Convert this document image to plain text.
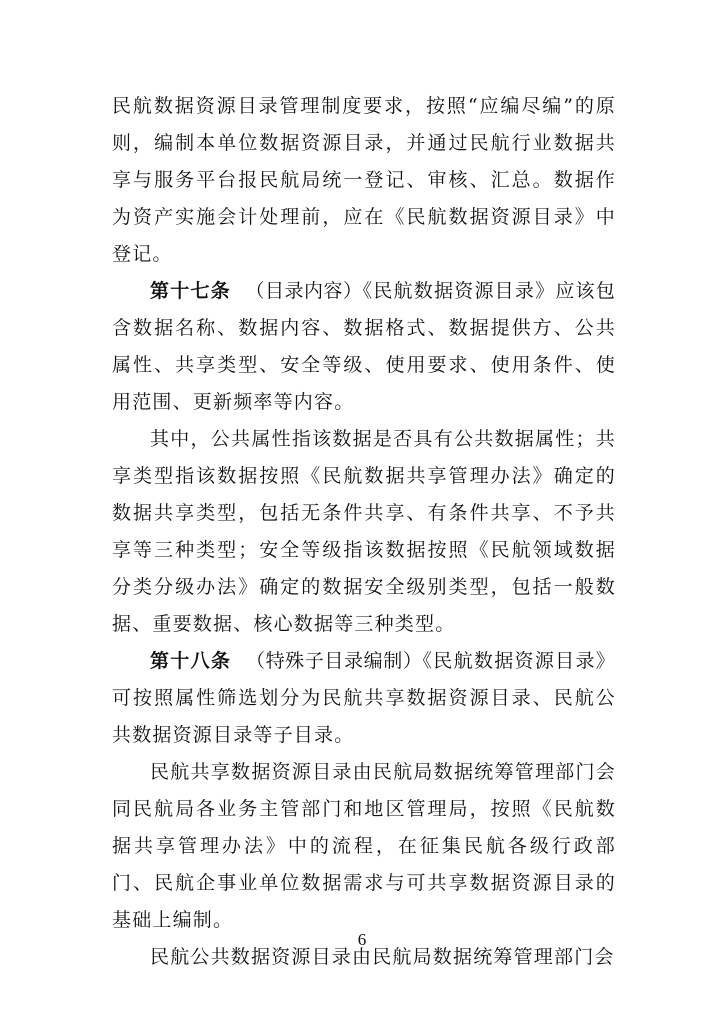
民航数据资源目录管理制度要求，按照“应编尽编”的原则，编制本单位数据资源目录，并通过民航行业数据共享与服务平台报民航局统一登记、审核、汇总。数据作为资产实施会计处理前，应在《民航数据资源目录》中登记。

第十七条 （目录内容）《民航数据资源目录》应该包含数据名称、数据内容、数据格式、数据提供方、公共属性、共享类型、安全等级、使用要求、使用条件、使用范围、更新频率等内容。

其中，公共属性指该数据是否具有公共数据属性；共享类型指该数据按照《民航数据共享管理办法》确定的数据共享类型，包括无条件共享、有条件共享、不予共享等三种类型；安全等级指该数据按照《民航领域数据分类分级办法》确定的数据安全级别类型，包括一般数据、重要数据、核心数据等三种类型。

第十八条 （特殊子目录编制）《民航数据资源目录》可按照属性筛选划分为民航共享数据资源目录、民航公共数据资源目录等子目录。

民航共享数据资源目录由民航局数据统筹管理部门会同民航局各业务主管部门和地区管理局，按照《民航数据共享管理办法》中的流程，在征集民航各级行政部门、民航企事业单位数据需求与可共享数据资源目录的基础上编制。

民航公共数据资源目录由民航局数据统筹管理部门会

6
